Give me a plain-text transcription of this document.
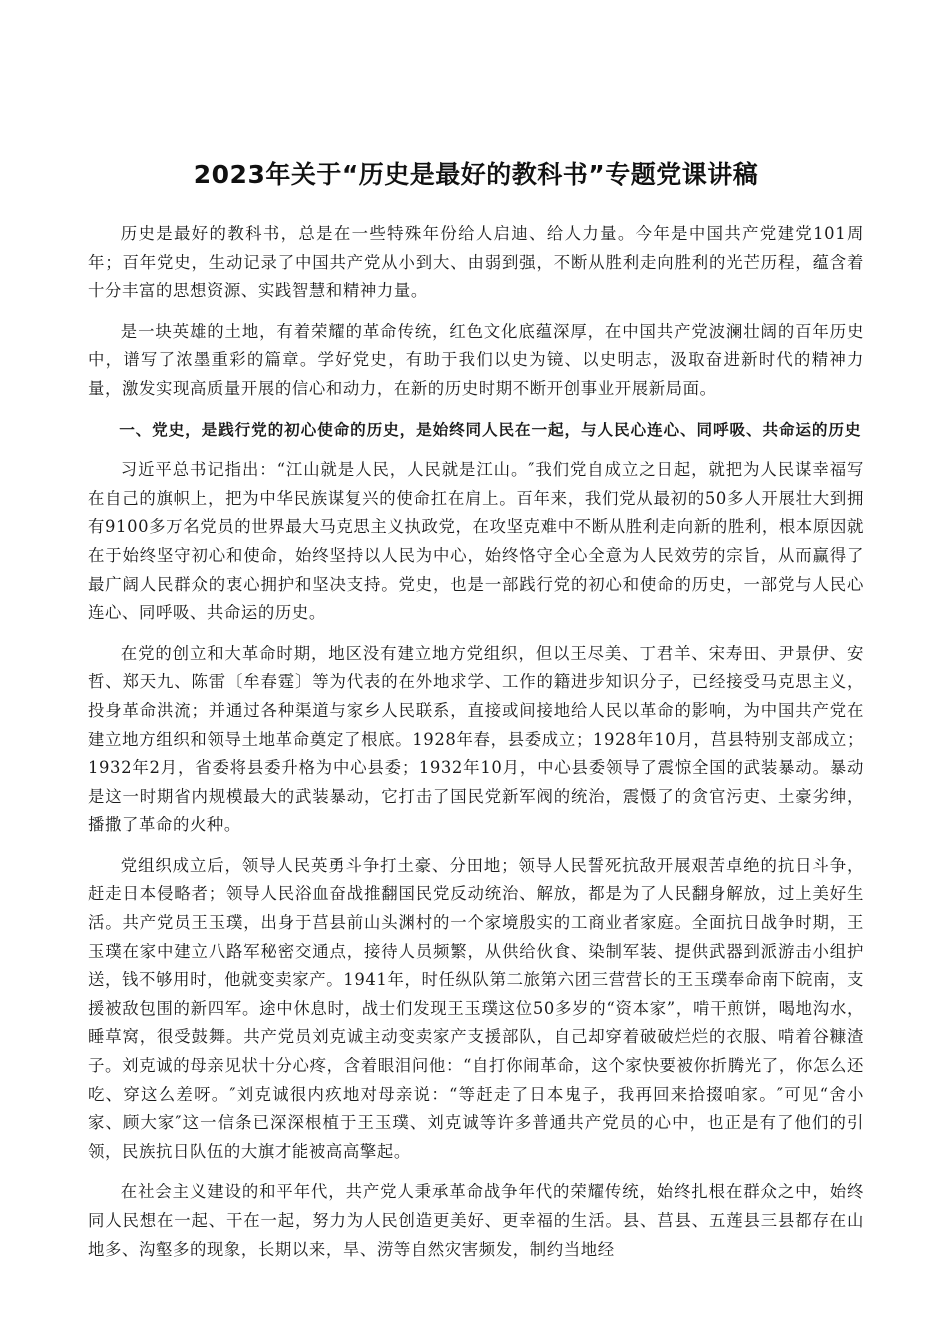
2023年关于“历史是最好的教科书”专题党课讲稿

历史是最好的教科书，总是在一些特殊年份给人启迪、给人力量。今年是中国共产党建党101周年；百年党史，生动记录了中国共产党从小到大、由弱到强，不断从胜利走向胜利的光芒历程，蕴含着十分丰富的思想资源、实践智慧和精神力量。

是一块英雄的土地，有着荣耀的革命传统，红色文化底蕴深厚，在中国共产党波澜壮阔的百年历史中，谱写了浓墨重彩的篇章。学好党史，有助于我们以史为镜、以史明志，汲取奋进新时代的精神力量，激发实现高质量开展的信心和动力，在新的历史时期不断开创事业开展新局面。

一、党史，是践行党的初心使命的历史，是始终同人民在一起，与人民心连心、同呼吸、共命运的历史

习近平总书记指出：“江山就是人民，人民就是江山。″我们党自成立之日起，就把为人民谋幸福写在自己的旗帜上，把为中华民族谋复兴的使命扛在肩上。百年来，我们党从最初的50多人开展壮大到拥有9100多万名党员的世界最大马克思主义执政党，在攻坚克难中不断从胜利走向新的胜利，根本原因就在于始终坚守初心和使命，始终坚持以人民为中心，始终恪守全心全意为人民效劳的宗旨，从而赢得了最广阔人民群众的衷心拥护和坚决支持。党史，也是一部践行党的初心和使命的历史，一部党与人民心连心、同呼吸、共命运的历史。

在党的创立和大革命时期，地区没有建立地方党组织，但以王尽美、丁君羊、宋寿田、尹景伊、安哲、郑天九、陈雷〔牟春霆〕等为代表的在外地求学、工作的籍进步知识分子，已经接受马克思主义，投身革命洪流；并通过各种渠道与家乡人民联系，直接或间接地给人民以革命的影响，为中国共产党在建立地方组织和领导土地革命奠定了根底。1928年春，县委成立；1928年10月，莒县特别支部成立；1932年2月，省委将县委升格为中心县委；1932年10月，中心县委领导了震惊全国的武装暴动。暴动是这一时期省内规模最大的武装暴动，它打击了国民党新军阀的统治，震慑了的贪官污吏、土豪劣绅，播撒了革命的火种。

党组织成立后，领导人民英勇斗争打土豪、分田地；领导人民誓死抗敌开展艰苦卓绝的抗日斗争，赶走日本侵略者；领导人民浴血奋战推翻国民党反动统治、解放，都是为了人民翻身解放，过上美好生活。共产党员王玉璞，出身于莒县前山头渊村的一个家境殷实的工商业者家庭。全面抗日战争时期，王玉璞在家中建立八路军秘密交通点，接待人员频繁，从供给伙食、染制军装、提供武器到派游击小组护送，钱不够用时，他就变卖家产。1941年，时任纵队第二旅第六团三营营长的王玉璞奉命南下皖南，支援被敌包围的新四军。途中休息时，战士们发现王玉璞这位50多岁的“资本家”，啃干煎饼，喝地沟水，睡草窝，很受鼓舞。共产党员刘克诚主动变卖家产支援部队，自己却穿着破破烂烂的衣服、啃着谷糠渣子。刘克诚的母亲见状十分心疼，含着眼泪问他：“自打你闹革命，这个家快要被你折腾光了，你怎么还吃、穿这么差呀。″刘克诚很内疚地对母亲说：“等赶走了日本鬼子，我再回来拾掇咱家。″可见“舍小家、顾大家″这一信条已深深根植于王玉璞、刘克诚等许多普通共产党员的心中，也正是有了他们的引领，民族抗日队伍的大旗才能被高高擎起。

在社会主义建设的和平年代，共产党人秉承革命战争年代的荣耀传统，始终扎根在群众之中，始终同人民想在一起、干在一起，努力为人民创造更美好、更幸福的生活。县、莒县、五莲县三县都存在山地多、沟壑多的现象，长期以来，旱、涝等自然灾害频发，制约当地经
